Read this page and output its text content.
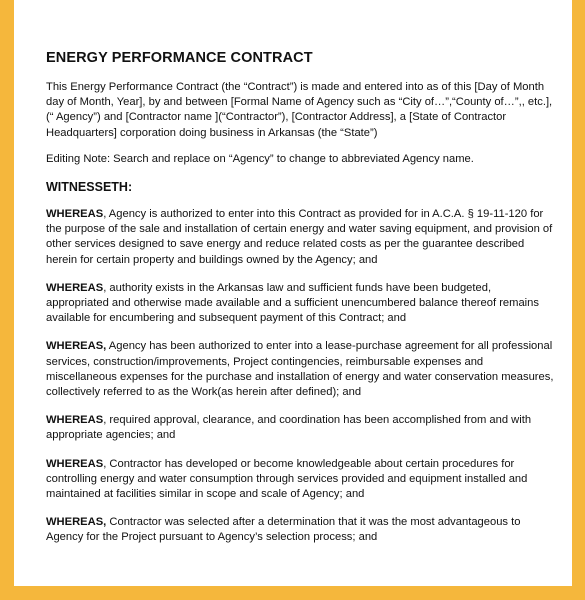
ENERGY PERFORMANCE CONTRACT

This Energy Performance Contract (the “Contract”) is made and entered into as of this [Day of Month day of Month, Year], by and between [Formal Name of Agency such as “City of…”,“County of…”,, etc.], (“ Agency”) and [Contractor name ](“Contractor”), [Contractor Address], a [State of Contractor Headquarters] corporation doing business in Arkansas (the “State”)

Editing Note: Search and replace on “Agency” to change to abbreviated Agency name.

WITNESSETH:

WHEREAS, Agency is authorized to enter into this Contract as provided for in A.C.A. § 19-11-120 for the purpose of the sale and installation of certain energy and water saving equipment, and provision of other services designed to save energy and reduce related costs as per the guarantee described herein for certain property and buildings owned by the Agency; and

WHEREAS, authority exists in the Arkansas law and sufficient funds have been budgeted, appropriated and otherwise made available and a sufficient unencumbered balance thereof remains available for encumbering and subsequent payment of this Contract; and

WHEREAS, Agency has been authorized to enter into a lease-purchase agreement for all professional services, construction/improvements, Project contingencies, reimbursable expenses and miscellaneous expenses for the purchase and installation of energy and water conservation measures, collectively referred to as the Work(as herein after defined); and

WHEREAS, required approval, clearance, and coordination has been accomplished from and with appropriate agencies; and

WHEREAS, Contractor has developed or become knowledgeable about certain procedures for controlling energy and water consumption through services provided and equipment installed and maintained at facilities similar in scope and scale of Agency; and

WHEREAS, Contractor was selected after a determination that it was the most advantageous to Agency for the Project pursuant to Agency’s selection process; and
